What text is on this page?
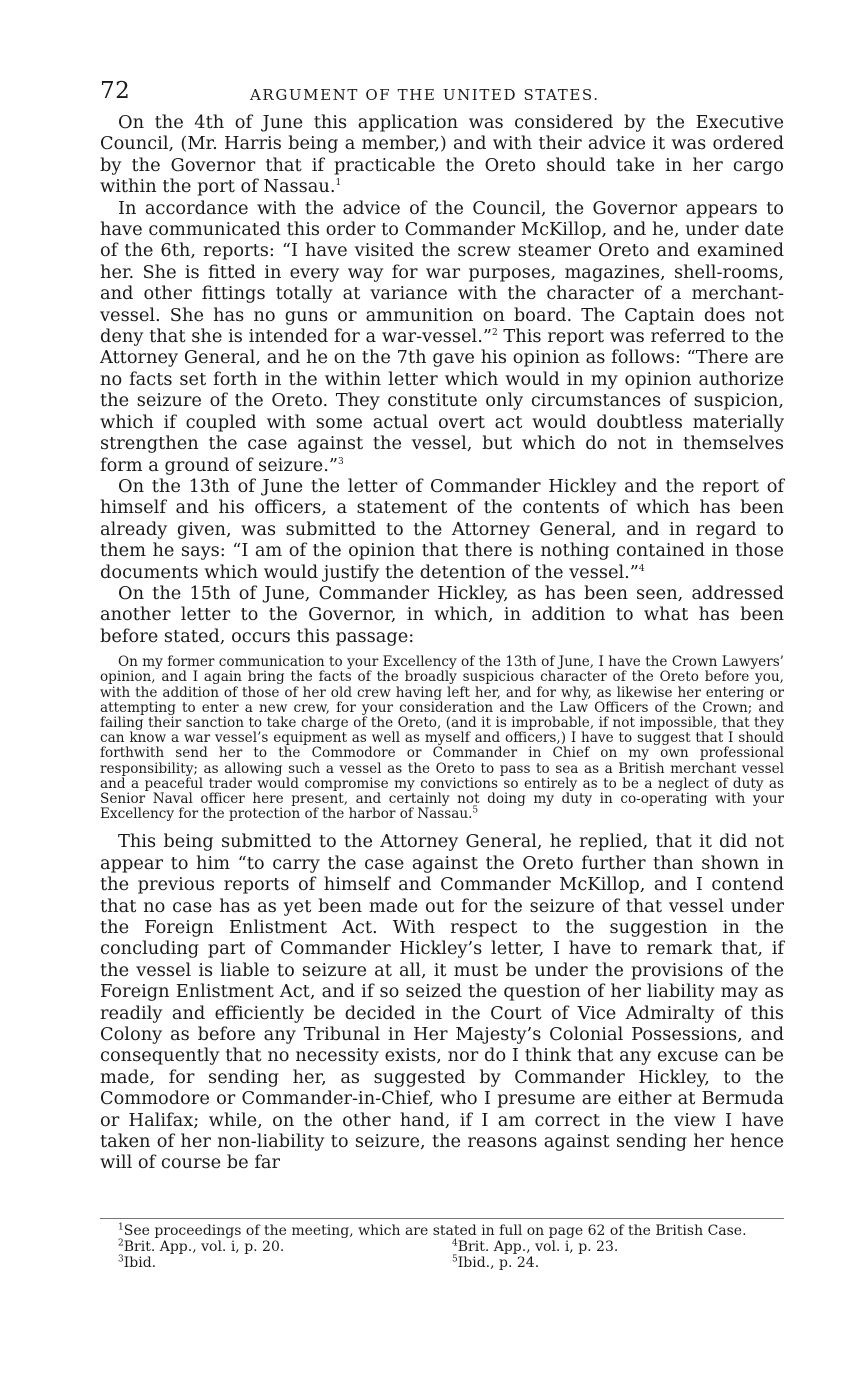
72	ARGUMENT OF THE UNITED STATES.

On the 4th of June this application was considered by the Executive Council, (Mr. Harris being a member,) and with their advice it was ordered by the Governor that if practicable the Oreto should take in her cargo within the port of Nassau.$^1$

In accordance with the advice of the Council, the Governor appears to have communicated this order to Commander McKillop, and he, under date of the 6th, reports: “I have visited the screw steamer Oreto and examined her. She is fitted in every way for war purposes, magazines, shell-rooms, and other fittings totally at variance with the character of a merchant-vessel. She has no guns or ammunition on board. The Captain does not deny that she is intended for a war-vessel.”$^2$ This report was referred to the Attorney General, and he on the 7th gave his opinion as follows: “There are no facts set forth in the within letter which would in my opinion authorize the seizure of the Oreto. They constitute only circumstances of suspicion, which if coupled with some actual overt act would doubtless materially strengthen the case against the vessel, but which do not in themselves form a ground of seizure.”$^3$

On the 13th of June the letter of Commander Hickley and the report of himself and his officers, a statement of the contents of which has been already given, was submitted to the Attorney General, and in regard to them he says: “I am of the opinion that there is nothing contained in those documents which would justify the detention of the vessel.”$^4$

On the 15th of June, Commander Hickley, as has been seen, addressed another letter to the Governor, in which, in addition to what has been before stated, occurs this passage:

On my former communication to your Excellency of the 13th of June, I have the Crown Lawyers’ opinion, and I again bring the facts of the broadly suspicious character of the Oreto before you, with the addition of those of her old crew having left her, and for why, as likewise her entering or attempting to enter a new crew, for your consideration and the Law Officers of the Crown; and failing their sanction to take charge of the Oreto, (and it is improbable, if not impossible, that they can know a war vessel’s equipment as well as myself and officers,) I have to suggest that I should forthwith send her to the Commodore or Commander in Chief on my own professional responsibility; as allowing such a vessel as the Oreto to pass to sea as a British merchant vessel and a peaceful trader would compromise my convictions so entirely as to be a neglect of duty as Senior Naval officer here present, and certainly not doing my duty in co-operating with your Excellency for the protection of the harbor of Nassau.$^5$

This being submitted to the Attorney General, he replied, that it did not appear to him “to carry the case against the Oreto further than shown in the previous reports of himself and Commander McKillop, and I contend that no case has as yet been made out for the seizure of that vessel under the Foreign Enlistment Act. With respect to the suggestion in the concluding part of Commander Hickley’s letter, I have to remark that, if the vessel is liable to seizure at all, it must be under the provisions of the Foreign Enlistment Act, and if so seized the question of her liability may as readily and efficiently be decided in the Court of Vice Admiralty of this Colony as before any Tribunal in Her Majesty’s Colonial Possessions, and consequently that no necessity exists, nor do I think that any excuse can be made, for sending her, as suggested by Commander Hickley, to the Commodore or Commander-in-Chief, who I presume are either at Bermuda or Halifax; while, on the other hand, if I am correct in the view I have taken of her non-liability to seizure, the reasons against sending her hence will of course be far

$^1$See proceedings of the meeting, which are stated in full on page 62 of the British Case.

$^2$Brit. App., vol. i, p. 20.	$^4$Brit. App., vol. i, p. 23.
$^3$Ibid.	$^5$Ibid., p. 24.
